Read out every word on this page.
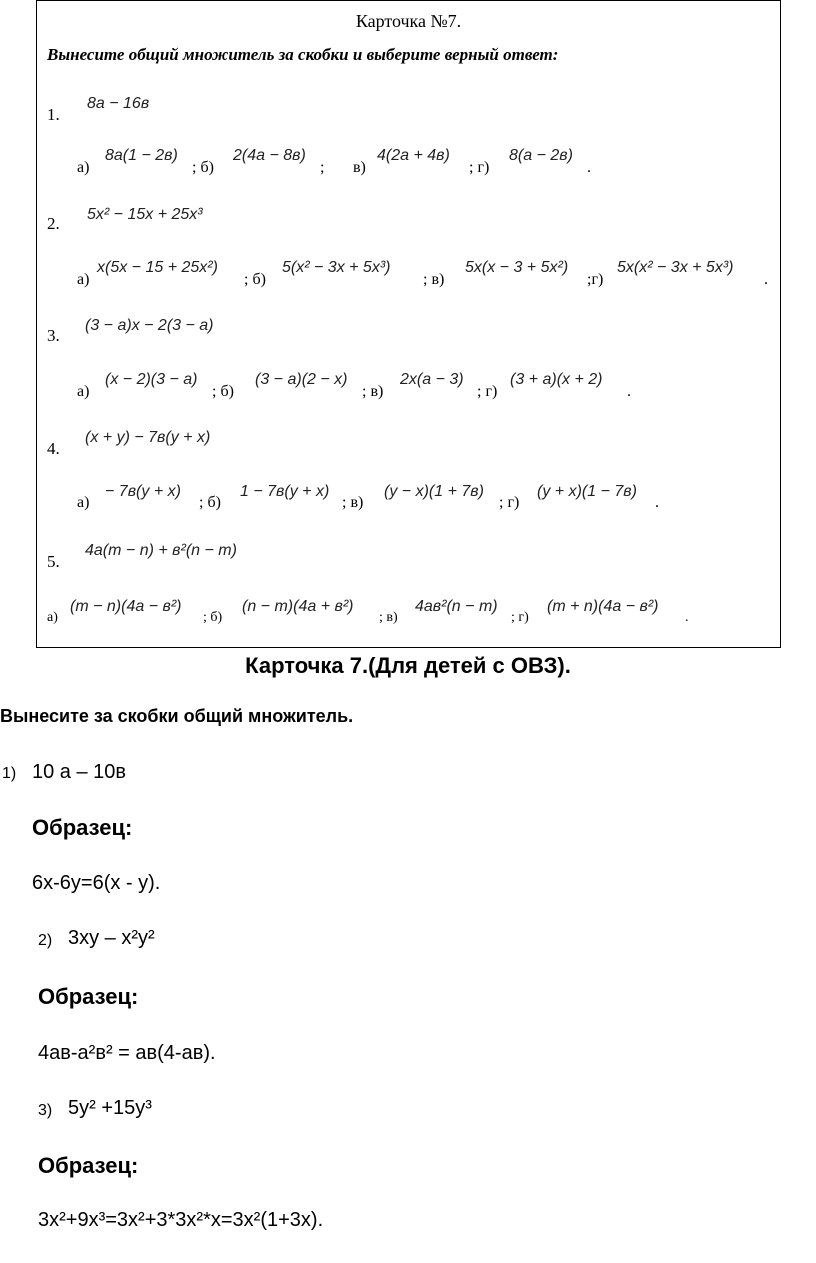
Карточка №7.
Вынесите общий множитель за скобки и выберите верный ответ:
1.
8a − 16в
а)
8a(1 − 2в)
; б)
2(4a − 8в)
; в)
4(2a + 4в)
; г)
8(a − 2в)
.
2. 5x² − 15x + 25x³
а)
x(5x − 15 + 25x²)
; б)
5(x² − 3x + 5x³)
; в)
5x(x − 3 + 5x²)
;г)
5x(x² − 3x + 5x³)
.
3.
(3 − a)x − 2(3 − a)
а)
(x − 2)(3 − a)
; б)
(3 − a)(2 − x)
; в)
2x(a − 3)
; г)
(3 + a)(x + 2)
.
4.
(x + y) − 7в(y + x)
а)
− 7в(y + x)
; б)
1 − 7в(y + x)
; в)
(y − x)(1 + 7в)
; г)
(y + x)(1 − 7в)
.
5.
4a(m − n) + в²(n − m)
а)
(m − n)(4a − в²)
; б)
(n − m)(4a + в²)
; в)
4aв²(n − m)
; г)
(m + n)(4a − в²)
.
Карточка 7.(Для детей с ОВЗ).
Вынесите за скобки общий множитель.
1) 10 а – 10в
Образец:
6х-6у=6(х - у).
2) 3ху – х²у²
Образец:
4ав-а²в² = ав(4-ав).
3) 5у² +15у³
Образец:
3х²+9х³=3х²+3*3х²*х=3х²(1+3х).
